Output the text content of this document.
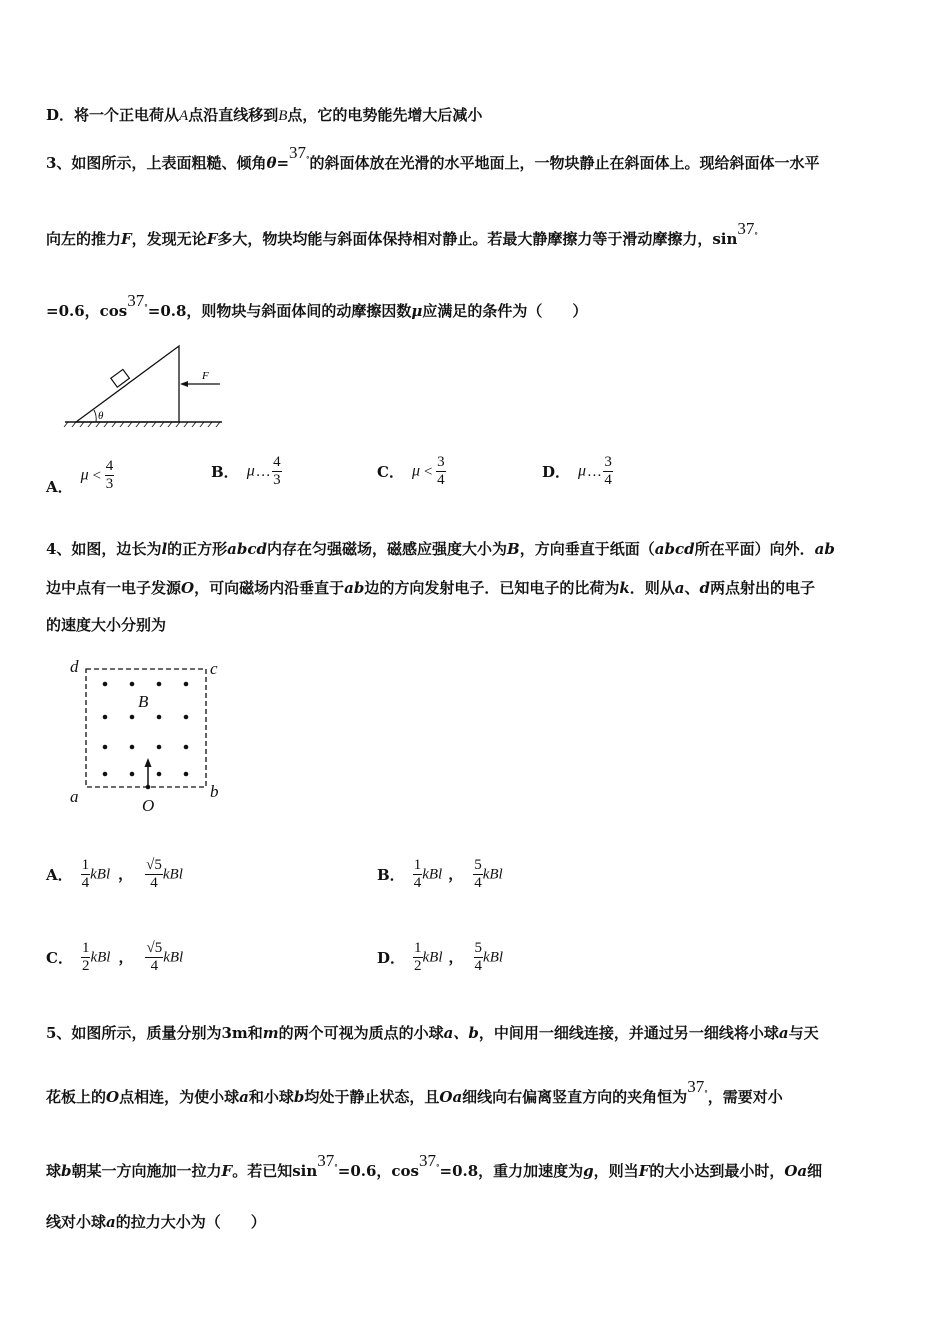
D．将一个正电荷从A点沿直线移到B点，它的电势能先增大后减小
3、如图所示，上表面粗糙、倾角θ=37°的斜面体放在光滑的水平地面上，一物块静止在斜面体上。现给斜面体一水平
向左的推力F，发现无论F多大，物块均能与斜面体保持相对静止。若最大静摩擦力等于滑动摩擦力，sin37°
=0.6，cos37°=0.8，则物块与斜面体间的动摩擦因数μ应满足的条件为（　　）
θ
F
A．$\mu < \frac{4}{3}$	B． μ … $\frac{4}{3}$	C． $\mu < \frac{3}{4}$	D． μ … $\frac{3}{4}$
4、如图，边长为l的正方形abcd内存在匀强磁场，磁感应强度大小为B，方向垂直于纸面（abcd所在平面）向外．ab
边中点有一电子发源O，可向磁场内沿垂直于ab边的方向发射电子．已知电子的比荷为k．则从a、d两点射出的电子
的速度大小分别为
d	c
a	b
B
O
A． $\frac{1}{4}$ kBl ， $\frac{√5}{4}$ kBl	B． $\frac{1}{4}$ kBl ， $\frac{5}{4}$ kBl
C． $\frac{1}{2}$ kBl ， $\frac{√5}{4}$ kBl	D． $\frac{1}{2}$ kBl ， $\frac{5}{4}$ kBl
5、如图所示，质量分别为3m和m的两个可视为质点的小球a、b，中间用一细线连接，并通过另一细线将小球a与天
花板上的O点相连，为使小球a和小球b均处于静止状态，且Oa细线向右偏离竖直方向的夹角恒为37°，需要对小
球b朝某一方向施加一拉力F。若已知sin37°=0.6，cos37°=0.8，重力加速度为g，则当F的大小达到最小时，Oa细
线对小球a的拉力大小为（　　）
